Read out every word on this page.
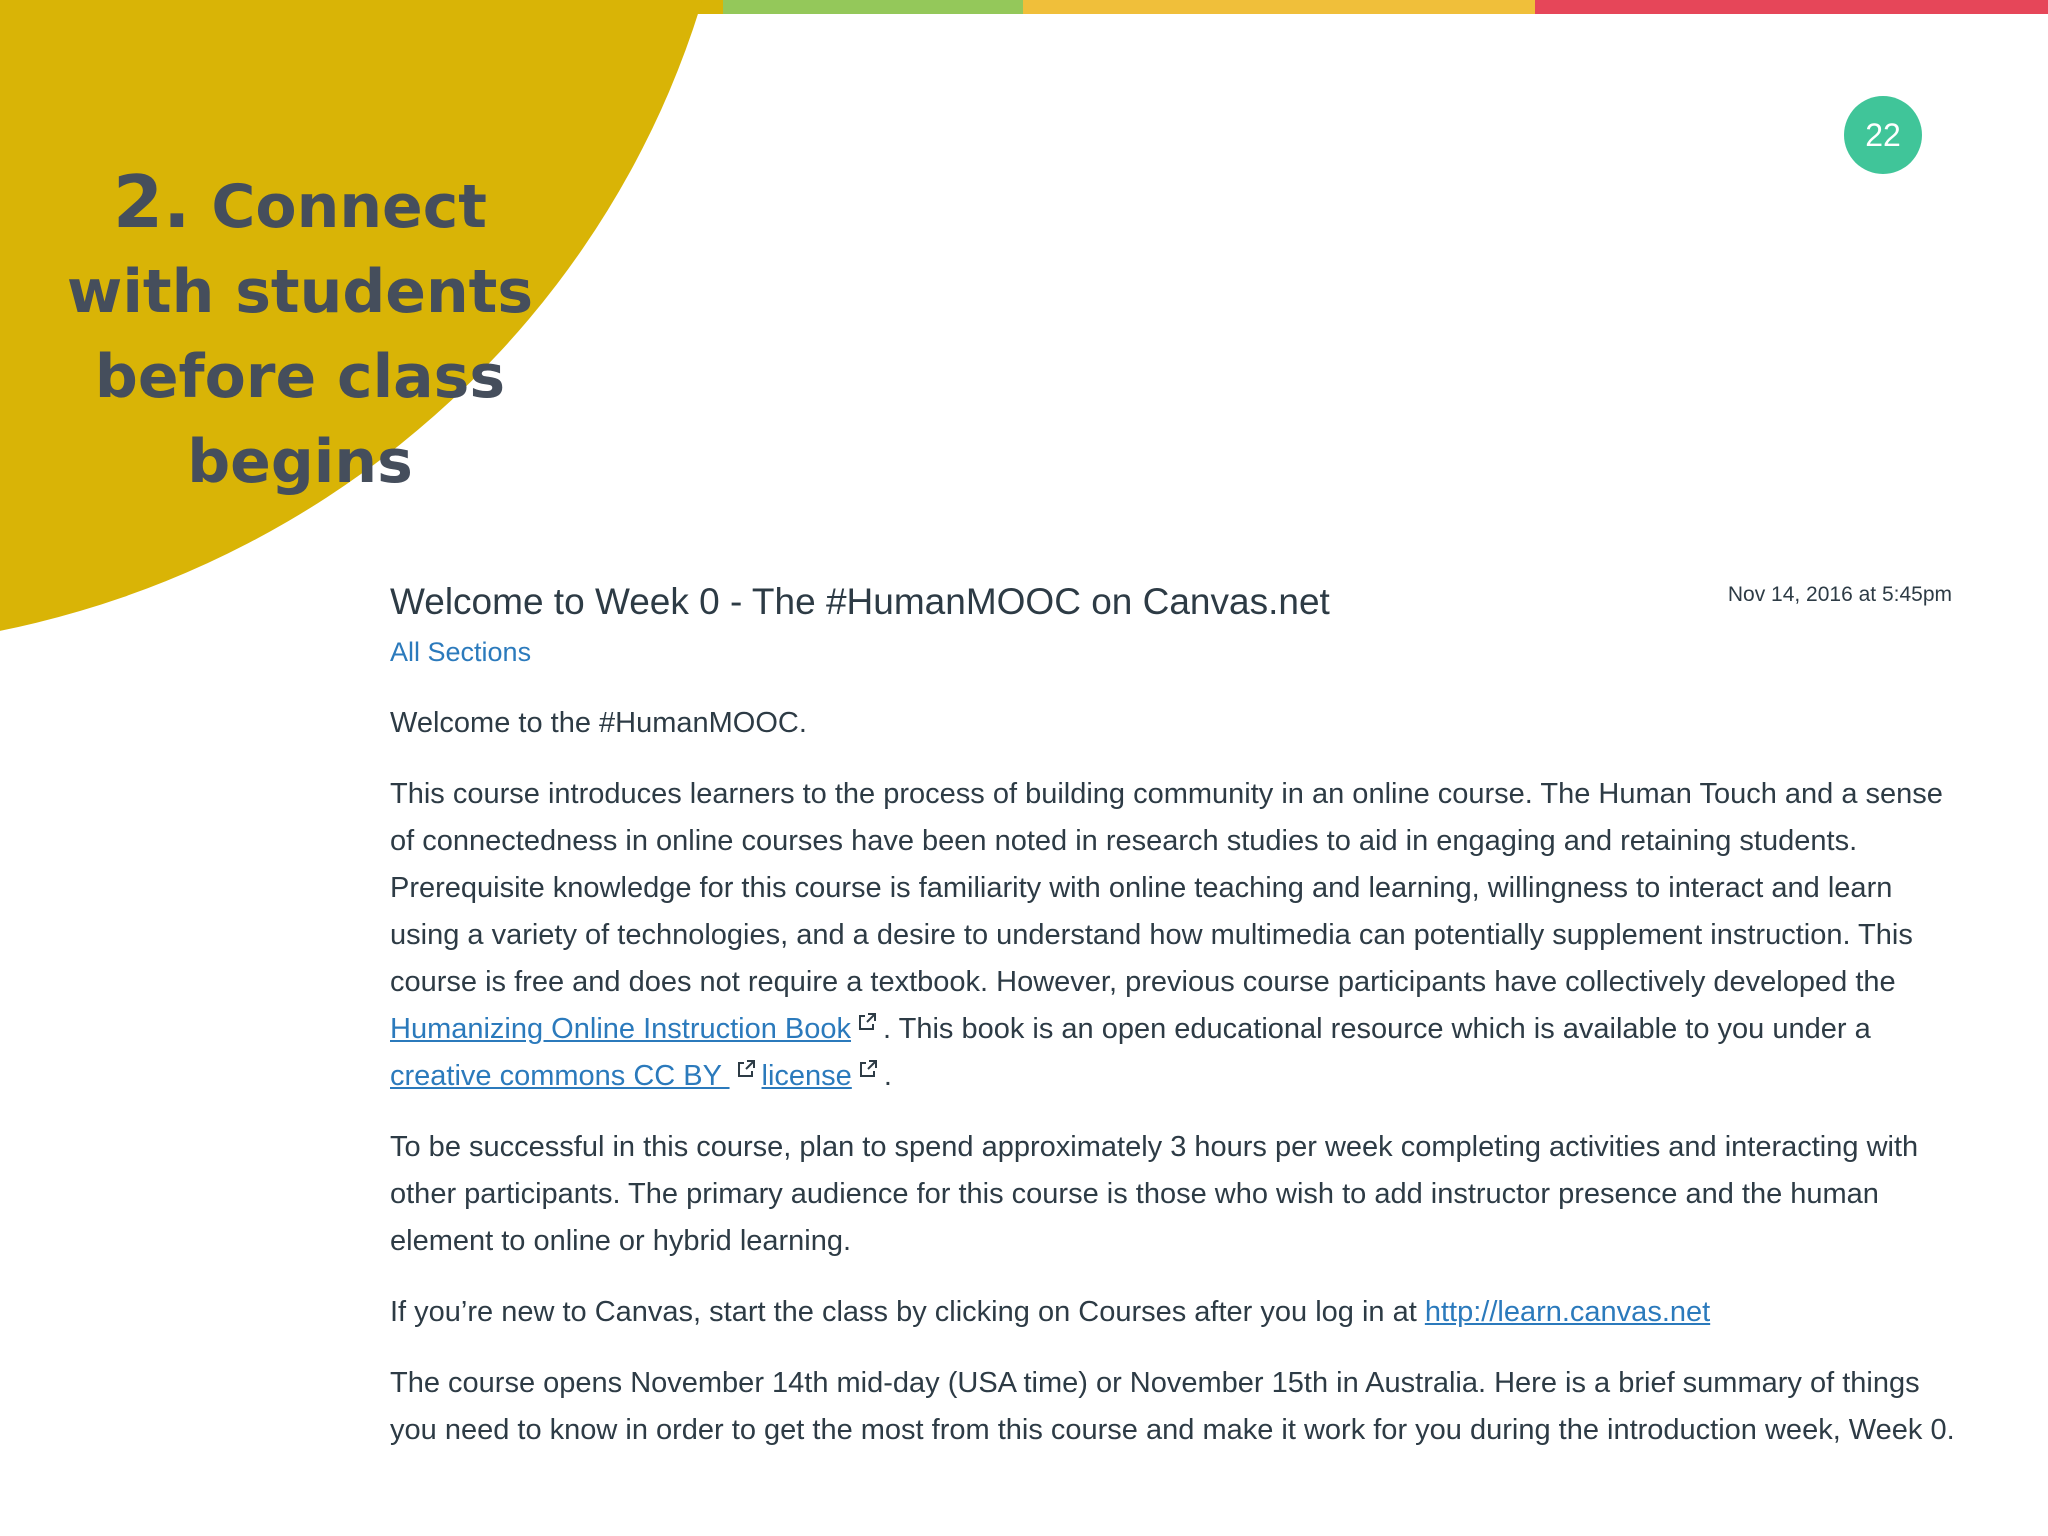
2. Connect with students before class begins
22
Welcome to Week 0 - The #HumanMOOC on Canvas.net	Nov 14, 2016 at 5:45pm
All Sections

Welcome to the #HumanMOOC.

This course introduces learners to the process of building community in an online course. The Human Touch and a sense of connectedness in online courses have been noted in research studies to aid in engaging and retaining students. Prerequisite knowledge for this course is familiarity with online teaching and learning, willingness to interact and learn using a variety of technologies, and a desire to understand how multimedia can potentially supplement instruction. This course is free and does not require a textbook. However, previous course participants have collectively developed the Humanizing Online Instruction Book . This book is an open educational resource which is available to you under a creative commons CC BY
license .

To be successful in this course, plan to spend approximately 3 hours per week completing activities and interacting with other participants. The primary audience for this course is those who wish to add instructor presence and the human element to online or hybrid learning.

If you’re new to Canvas, start the class by clicking on Courses after you log in at http://learn.canvas.net

The course opens November 14th mid-day (USA time) or November 15th in Australia. Here is a brief summary of things you need to know in order to get the most from this course and make it work for you during the introduction week, Week 0.
